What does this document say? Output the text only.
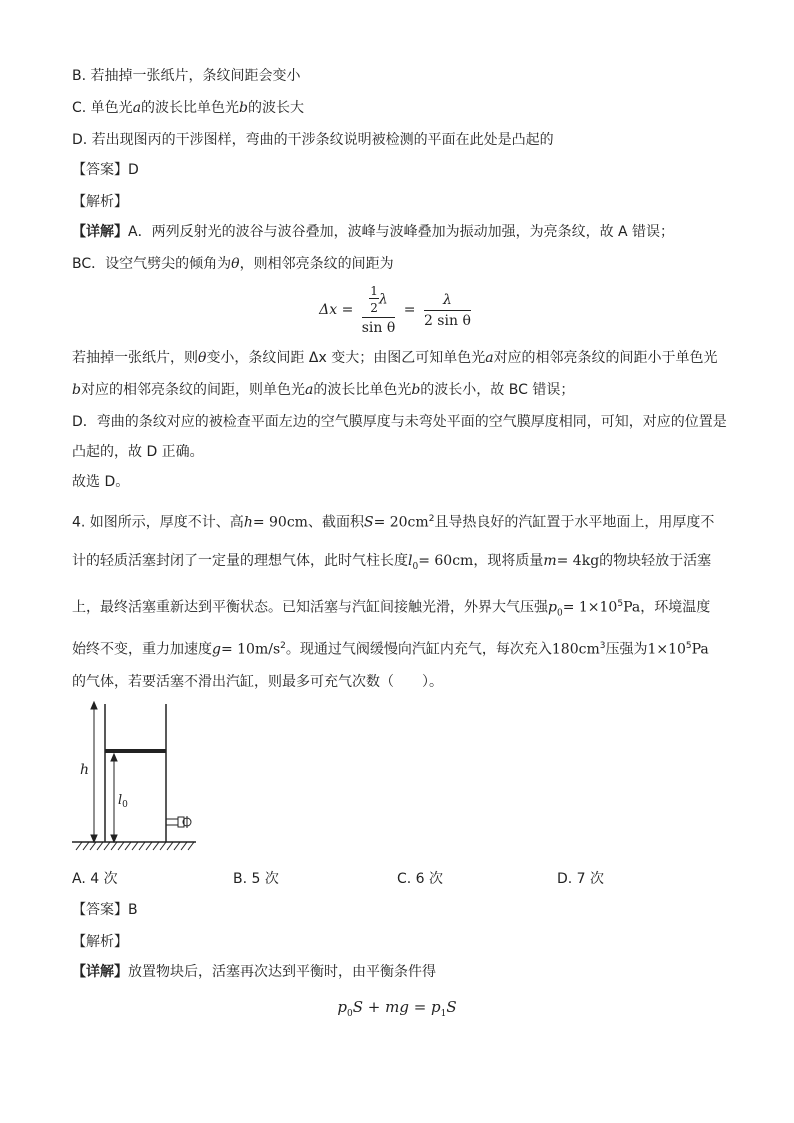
B. 若抽掉一张纸片，条纹间距会变小
C. 单色光a的波长比单色光b的波长大
D. 若出现图丙的干涉图样，弯曲的干涉条纹说明被检测的平面在此处是凸起的
【答案】D
【解析】
【详解】A．两列反射光的波谷与波谷叠加，波峰与波峰叠加为振动加强，为亮条纹，故 A 错误；
BC．设空气劈尖的倾角为θ，则相邻亮条纹的间距为
$\Delta x = \frac{\frac{1}{2} \lambda}{\text{sin θ}} = \frac{\lambda}{\text{2 sin θ}}$
若抽掉一张纸片，则θ变小，条纹间距 Δx 变大；由图乙可知单色光a对应的相邻亮条纹的间距小于单色光
b对应的相邻亮条纹的间距，则单色光a的波长比单色光b的波长小，故 BC 错误；
D．弯曲的条纹对应的被检查平面左边的空气膜厚度与未弯处平面的空气膜厚度相同，可知，对应的位置是
凸起的，故 D 正确。
故选 D。
4. 如图所示，厚度不计、高h= 90cm、截面积$S= 20cm^2$且导热良好的汽缸置于水平地面上，用厚度不
计的轻质活塞封闭了一定量的理想气体，此时气柱长度$l_0= 60cm$，现将质量m= 4kg的物块轻放于活塞
上，最终活塞重新达到平衡状态。已知活塞与汽缸间接触光滑，外界大气压强$p_0= 1\times 10^5Pa$，环境温度
始终不变，重力加速度$g= 10m/s^2$。现通过气阀缓慢向汽缸内充气，每次充入$180cm^3$压强为$1\times 10^5Pa$
的气体，若要活塞不滑出汽缸，则最多可充气次数（　　）。
h
$l_0$
A. 4 次	B. 5 次	C. 6 次	D. 7 次
【答案】B
【解析】
【详解】放置物块后，活塞再次达到平衡时，由平衡条件得
$p_0S$ + mg = $p_1S$
